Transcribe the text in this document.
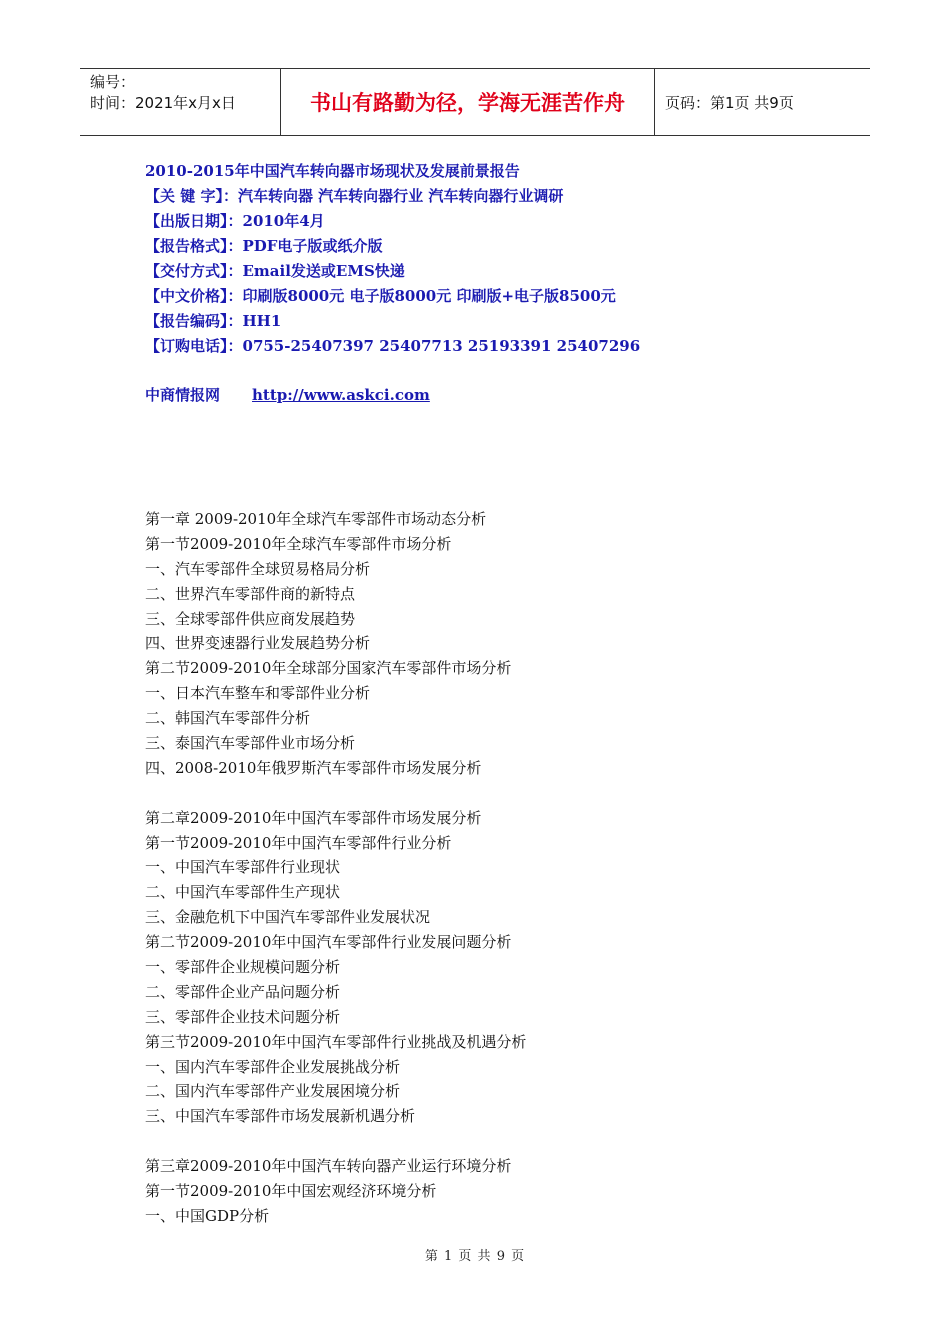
编号：
时间：2021年x月x日	书山有路勤为径，学海无涯苦作舟	页码：第1页 共9页
2010-2015年中国汽车转向器市场现状及发展前景报告
【关 键 字】：汽车转向器 汽车转向器行业 汽车转向器行业调研
【出版日期】：2010年4月
【报告格式】：PDF电子版或纸介版
【交付方式】：Email发送或EMS快递
【中文价格】：印刷版8000元 电子版8000元 印刷版+电子版8500元
【报告编码】：HH1
【订购电话】：0755-25407397 25407713 25193391 25407296
中商情报网 http://www.askci.com
第一章 2009-2010年全球汽车零部件市场动态分析
第一节2009-2010年全球汽车零部件市场分析
一、汽车零部件全球贸易格局分析
二、世界汽车零部件商的新特点
三、全球零部件供应商发展趋势
四、世界变速器行业发展趋势分析
第二节2009-2010年全球部分国家汽车零部件市场分析
一、日本汽车整车和零部件业分析
二、韩国汽车零部件分析
三、泰国汽车零部件业市场分析
四、2008-2010年俄罗斯汽车零部件市场发展分析
第二章2009-2010年中国汽车零部件市场发展分析
第一节2009-2010年中国汽车零部件行业分析
一、中国汽车零部件行业现状
二、中国汽车零部件生产现状
三、金融危机下中国汽车零部件业发展状况
第二节2009-2010年中国汽车零部件行业发展问题分析
一、零部件企业规模问题分析
二、零部件企业产品问题分析
三、零部件企业技术问题分析
第三节2009-2010年中国汽车零部件行业挑战及机遇分析
一、国内汽车零部件企业发展挑战分析
二、国内汽车零部件产业发展困境分析
三、中国汽车零部件市场发展新机遇分析
第三章2009-2010年中国汽车转向器产业运行环境分析
第一节2009-2010年中国宏观经济环境分析
一、中国GDP分析
第 1 页 共 9 页
